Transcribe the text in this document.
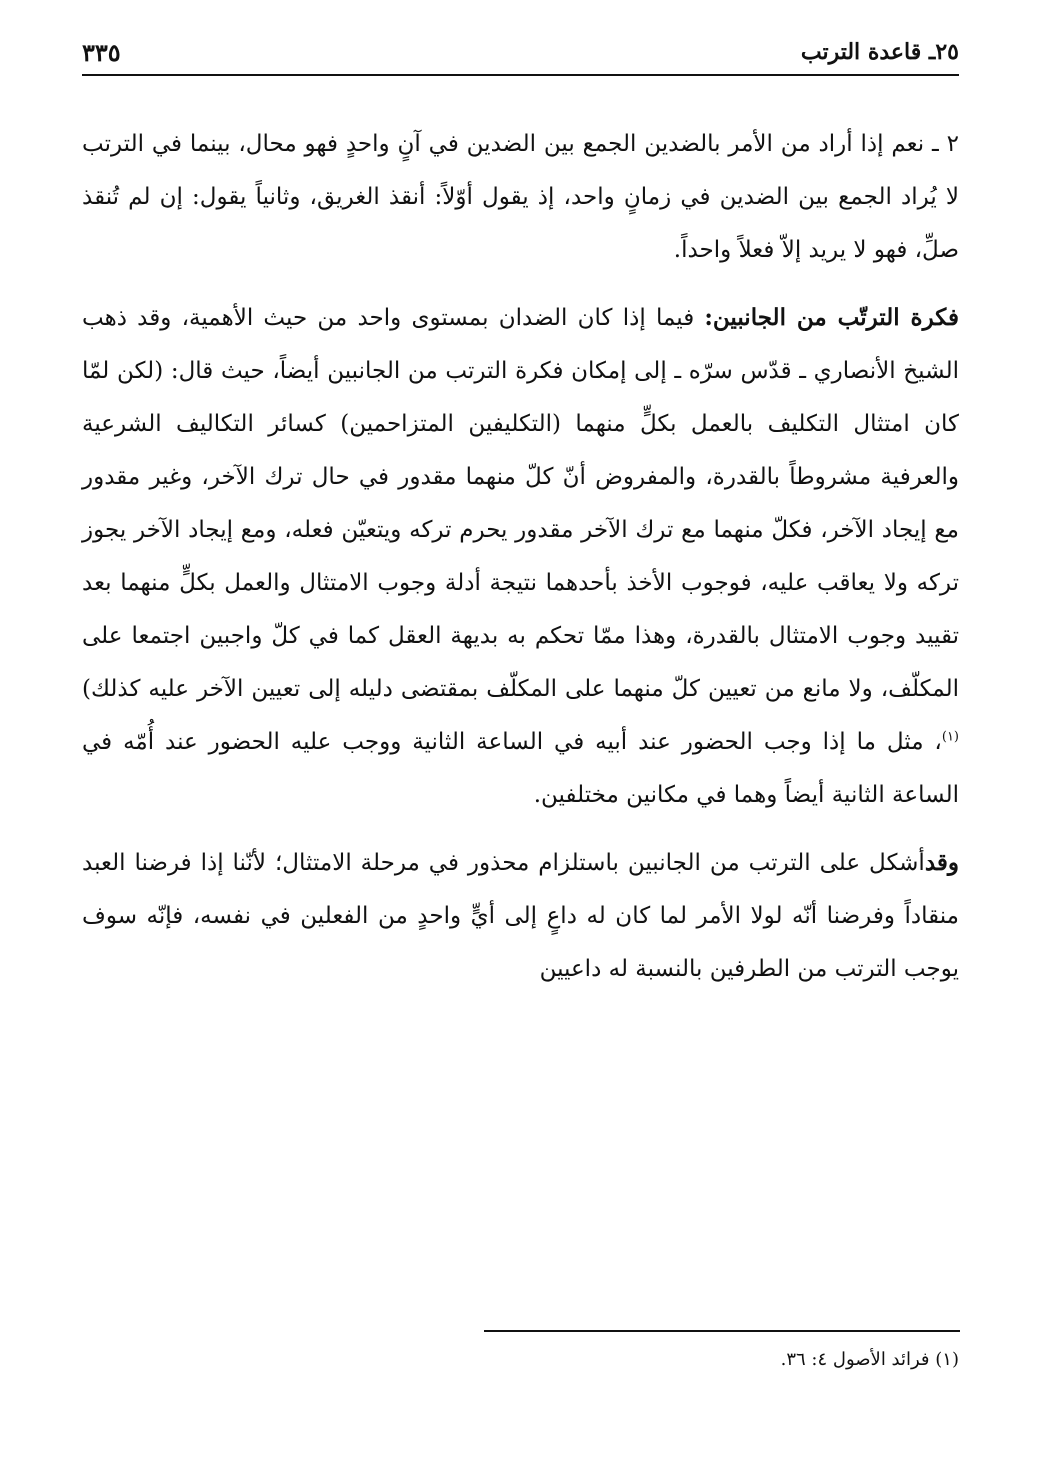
٢٥ـ قاعدة الترتب
٣٣٥

٢ ـ نعم إذا أراد من الأمر بالضدين الجمع بين الضدين في آنٍ واحدٍ فهو محال، بينما في الترتب لا يُراد الجمع بين الضدين في زمانٍ واحد، إذ يقول أوّلاً: أنقذ الغريق، وثانياً يقول: إن لم تُنقذ صلِّ، فهو لا يريد إلاّ فعلاً واحداً.

فكرة الترتّب من الجانبين: فيما إذا كان الضدان بمستوى واحد من حيث الأهمية، وقد ذهب الشيخ الأنصاري ـ قدّس سرّه ـ إلى إمكان فكرة الترتب من الجانبين أيضاً، حيث قال: (لكن لمّا كان امتثال التكليف بالعمل بكلٍّ منهما (التكليفين المتزاحمين) كسائر التكاليف الشرعية والعرفية مشروطاً بالقدرة، والمفروض أنّ كلّ منهما مقدور في حال ترك الآخر، وغير مقدور مع إيجاد الآخر، فكلّ منهما مع ترك الآخر مقدور يحرم تركه ويتعيّن فعله، ومع إيجاد الآخر يجوز تركه ولا يعاقب عليه، فوجوب الأخذ بأحدهما نتيجة أدلة وجوب الامتثال والعمل بكلٍّ منهما بعد تقييد وجوب الامتثال بالقدرة، وهذا ممّا تحكم به بديهة العقل كما في كلّ واجبين اجتمعا على المكلّف، ولا مانع من تعيين كلّ منهما على المكلّف بمقتضى دليله إلى تعيين الآخر عليه كذلك)$^{(١)}$، مثل ما إذا وجب الحضور عند أبيه في الساعة الثانية ووجب عليه الحضور عند أُمّه في الساعة الثانية أيضاً وهما في مكانين مختلفين.

وقدأشكل على الترتب من الجانبين باستلزام محذور في مرحلة الامتثال؛ لأنّنا إذا فرضنا العبد منقاداً وفرضنا أنّه لولا الأمر لما كان له داعٍ إلى أيٍّ واحدٍ من الفعلين في نفسه، فإنّه سوف يوجب الترتب من الطرفين بالنسبة له داعيين

(١) فرائد الأصول ٤: ٣٦.
